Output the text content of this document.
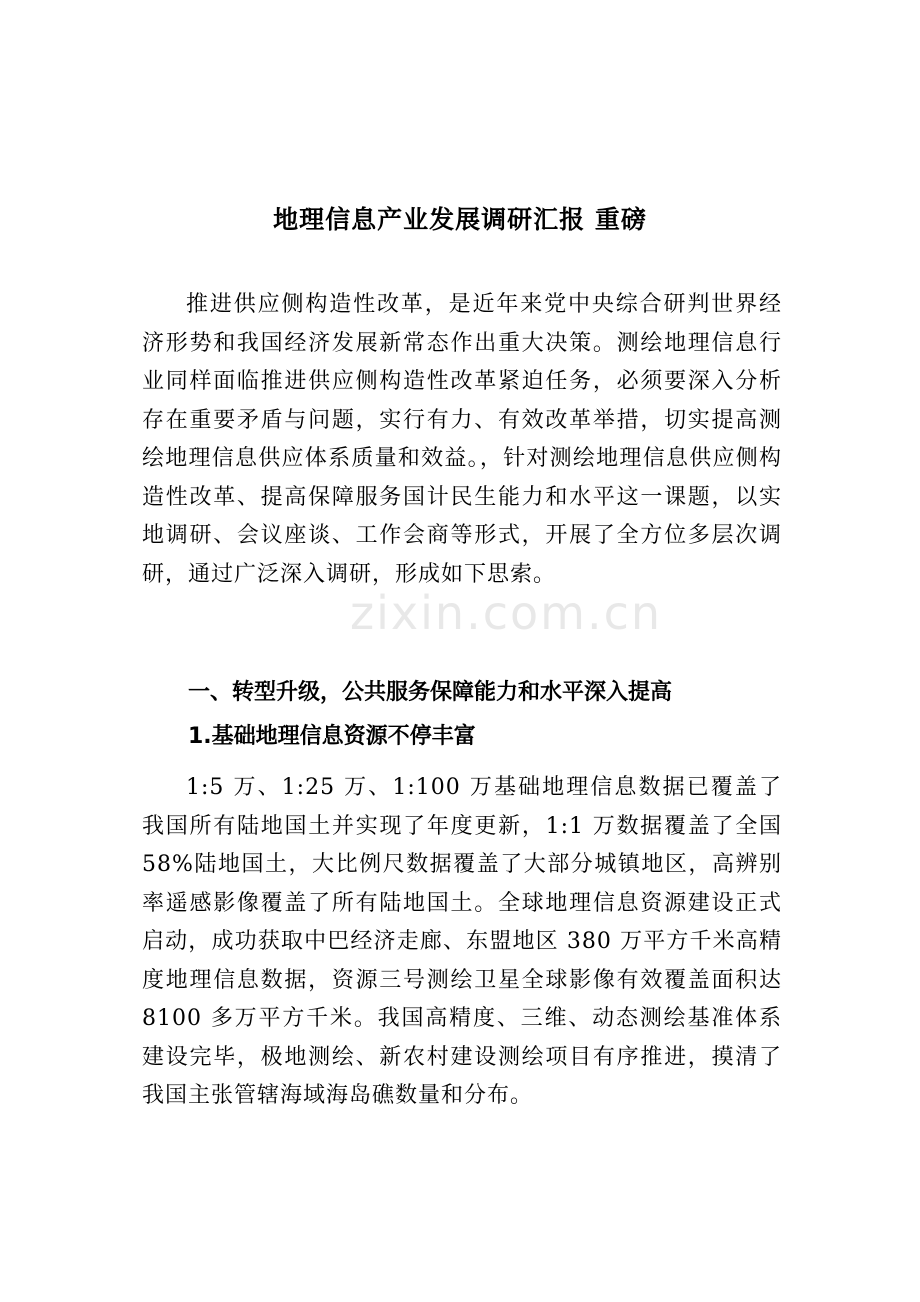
地理信息产业发展调研汇报 重磅
推进供应侧构造性改革，是近年来党中央综合研判世界经济形势和我国经济发展新常态作出重大决策。测绘地理信息行业同样面临推进供应侧构造性改革紧迫任务，必须要深入分析存在重要矛盾与问题，实行有力、有效改革举措，切实提高测绘地理信息供应体系质量和效益。，针对测绘地理信息供应侧构造性改革、提高保障服务国计民生能力和水平这一课题，以实地调研、会议座谈、工作会商等形式，开展了全方位多层次调研，通过广泛深入调研，形成如下思索。
一、转型升级，公共服务保障能力和水平深入提高
1.基础地理信息资源不停丰富
1:5 万、1:25 万、1:100 万基础地理信息数据已覆盖了我国所有陆地国土并实现了年度更新，1:1 万数据覆盖了全国 58%陆地国土，大比例尺数据覆盖了大部分城镇地区，高辨别率遥感影像覆盖了所有陆地国土。全球地理信息资源建设正式启动，成功获取中巴经济走廊、东盟地区 380 万平方千米高精度地理信息数据，资源三号测绘卫星全球影像有效覆盖面积达 8100 多万平方千米。我国高精度、三维、动态测绘基准体系建设完毕，极地测绘、新农村建设测绘项目有序推进，摸清了我国主张管辖海域海岛礁数量和分布。
zixin.com.cn
